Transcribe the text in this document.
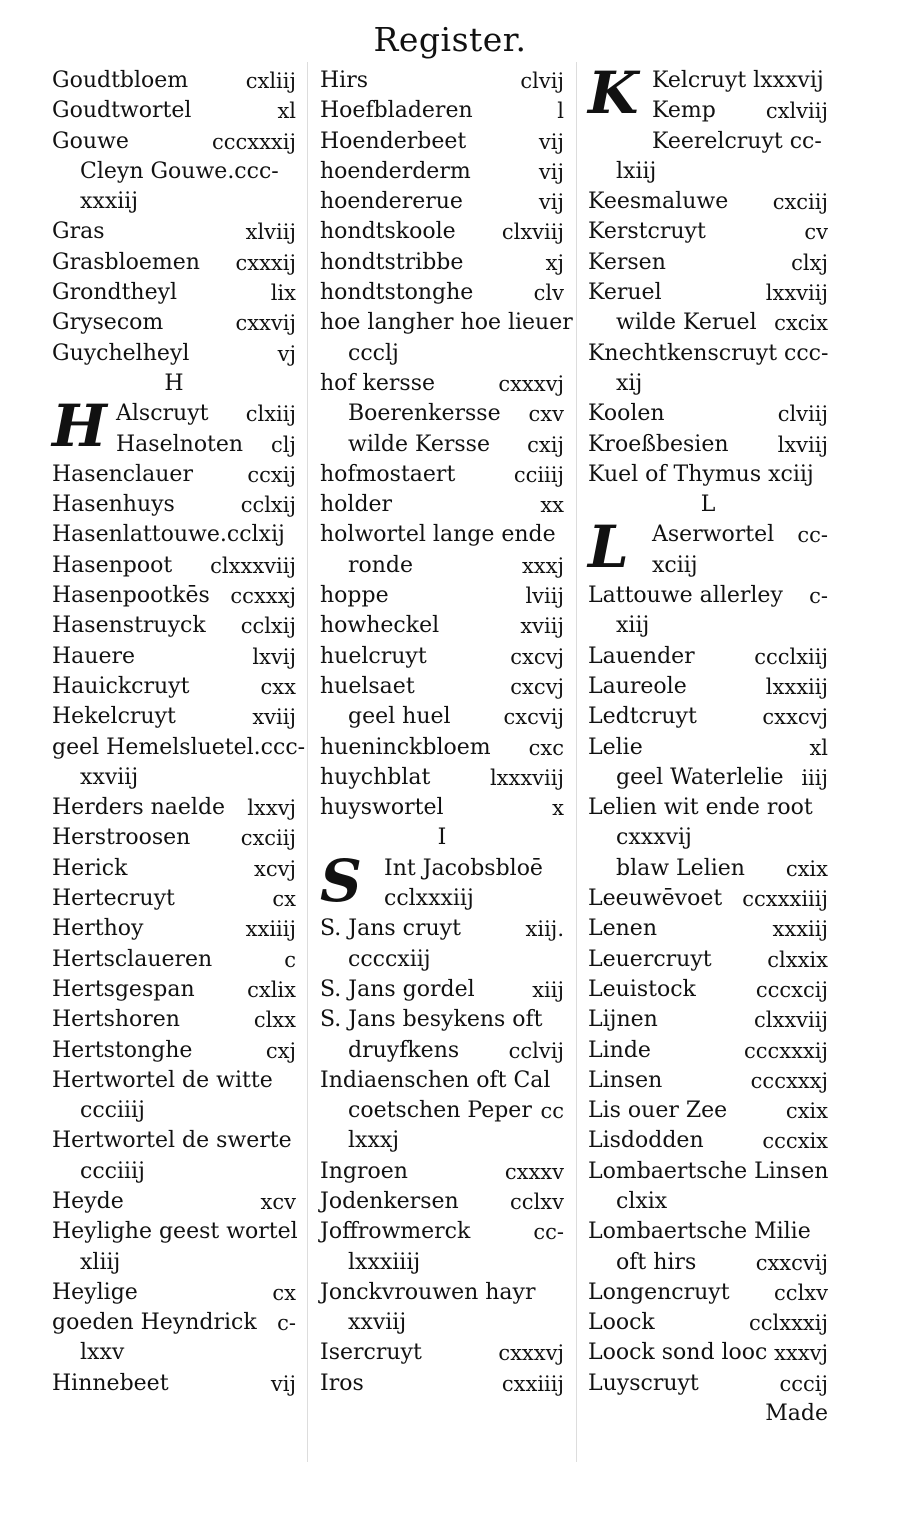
Register.
Goudtbloem	cxliij
Goudtwortel	xl
Gouwe	cccxxxij
Cleyn Gouwe.ccc-
xxxiij
Gras	xlviij
Grasbloemen cxxxij
Grondtheyl	lix
Grysecom	cxxvij
Guychelheyl	vj
H
H Alscruyt clxiij
Haselnoten clj
Hasenclauer	ccxij
Hasenhuys	cclxij
Hasenlattouwe.cclxij
Hasenpoot clxxxviij
Hasenpootkēs ccxxxj
Hasenstruyck cclxij
Hauere	lxvij
Hauickcruyt	cxx
Hekelcruyt	xviij
geel Hemelsluetel.ccc-
xxviij
Herders naelde lxxvj
Herstroosen cxciij
Herick	xcvj
Hertecruyt	cx
Herthoy	xxiiij
Hertsclaueren	c
Hertsgespan cxlix
Hertshoren	clxx
Hertstonghe	cxj
Hertwortel de witte
ccciiij
Hertwortel de swerte
ccciiij
Heyde	xcv
Heylighe geest wortel
xliij
Heylige	cx
goeden Heyndrick c-
lxxv
Hinnebeet	vij
Hirs	clvij
Hoefbladeren	l
Hoenderbeet	vij
hoenderderm	vij
hoendererue	vij
hondtskoole clxviij
hondtstribbe	xj
hondtstonghe	clv
hoe langher hoe lieuer
ccclj
hof kersse	cxxxvj
Boerenkersse cxv
wilde Kersse cxij
hofmostaert	cciiij
holder	xx
holwortel lange ende
ronde	xxxj
hoppe	lviij
howheckel	xviij
huelcruyt	cxcvj
huelsaet	cxcvj
geel huel	cxcvij
hueninckbloem cxc
huychblat	lxxxviij
huyswortel	x
I
S Int Jacobsbloē
cclxxxiij
S. Jans cruyt	xiij.
ccccxiij
S. Jans gordel	xiij
S. Jans besykens oft
druyfkens cclvij
Indiaenschen oft Cal
coetschen Peper cc
lxxxj
Ingroen	cxxxv
Jodenkersen cclxv
Joffrowmerck	cc-
lxxxiiij
Jonckvrouwen hayr
xxviij
Isercruyt	cxxxvj
Iros	cxxiiij
K Kelcruyt lxxxvij
Kemp cxlviij
Keerelcruyt cc-
lxiij
Keesmaluwe cxciij
Kerstcruyt	cv
Kersen	clxj
Keruel	lxxviij
wilde Keruel cxcix
Knechtkenscruyt ccc-
xij
Koolen	clviij
Kroeßbesien lxviij
Kuel of Thymus xciij
L
L Aserwortel cc-
xciij
Lattouwe allerley c-
xiij
Lauender	ccclxiij
Laureole	lxxxiij
Ledtcruyt	cxxcvj
Lelie	xl
geel Waterlelie iiij
Lelien wit ende root
cxxxvij
blaw Lelien cxix
Leeuwēvoet ccxxxiiij
Lenen	xxxiij
Leuercruyt	clxxix
Leuistock	cccxcij
Lijnen	clxxviij
Linde	cccxxxij
Linsen	cccxxxj
Lis ouer Zee	cxix
Lisdodden	cccxix
Lombaertsche Linsen
clxix
Lombaertsche Milie
oft hirs	cxxcvij
Longencruyt cclxv
Loock	cclxxxij
Loock sond looc xxxvj
Luyscruyt	cccij
Made
